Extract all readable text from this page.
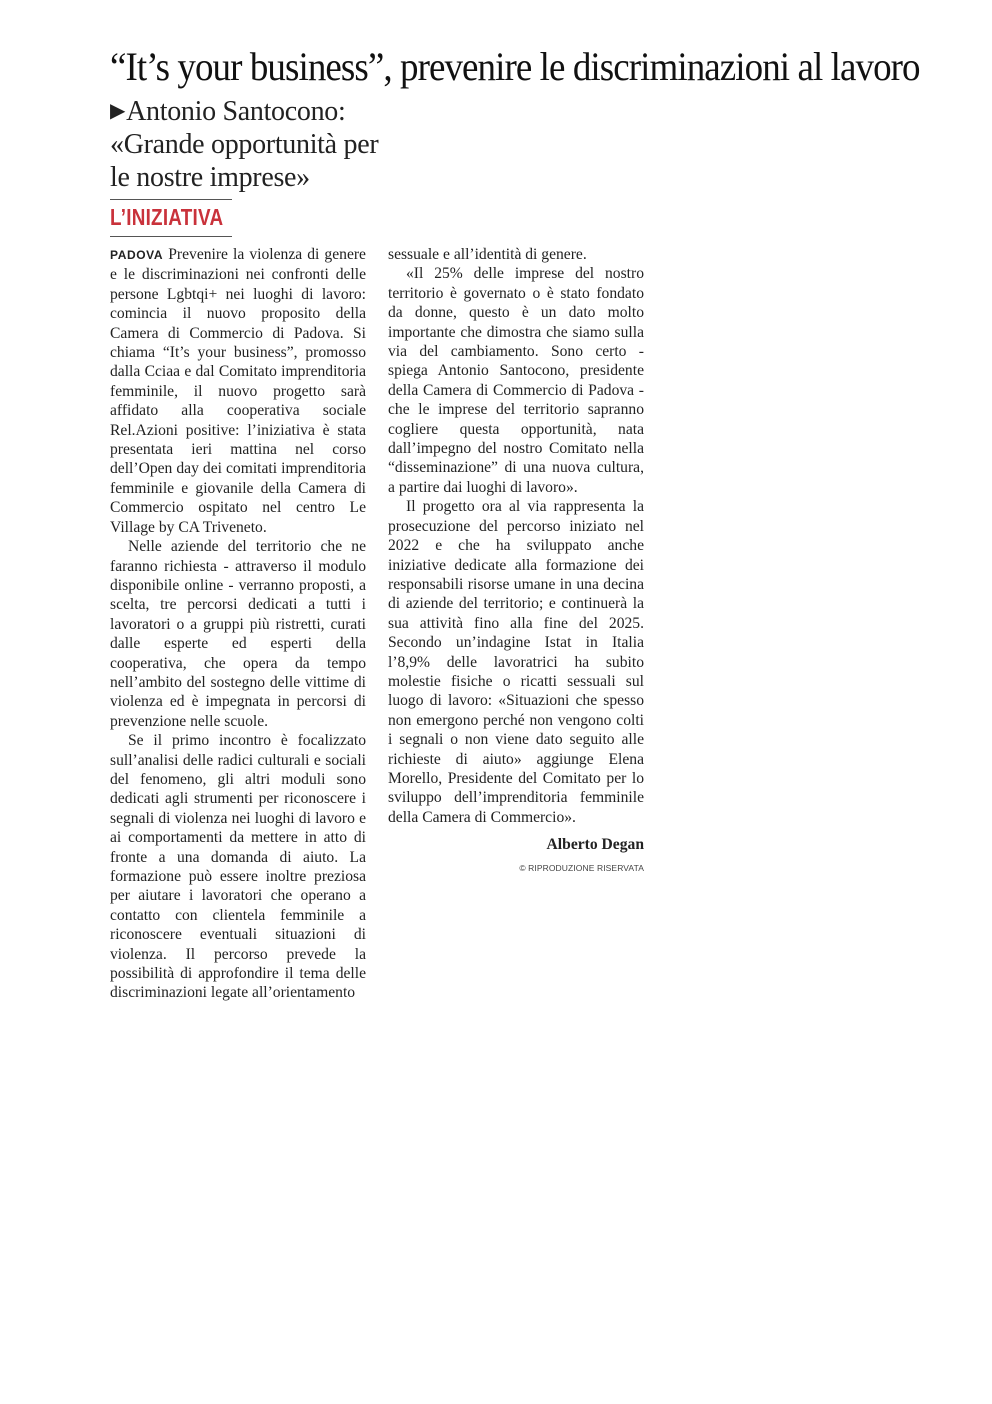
“It’s your business”, prevenire le discriminazioni al lavoro
▶Antonio Santocono: «Grande opportunità per le nostre imprese»
L’INIZIATIVA

PADOVA Prevenire la violenza di genere e le discriminazioni nei confronti delle persone Lgbtqi+ nei luoghi di lavoro: comincia il nuovo proposito della Camera di Commercio di Padova. Si chiama “It’s your business”, promosso dalla Cciaa e dal Comitato imprenditoria femminile, il nuovo progetto sarà affidato alla cooperativa sociale Rel.Azioni positive: l’iniziativa è stata presentata ieri mattina nel corso dell’Open day dei comitati imprenditoria femminile e giovanile della Camera di Commercio ospitato nel centro Le Village by CA Triveneto.

Nelle aziende del territorio che ne faranno richiesta - attraverso il modulo disponibile online - verranno proposti, a scelta, tre percorsi dedicati a tutti i lavoratori o a gruppi più ristretti, curati dalle esperte ed esperti della cooperativa, che opera da tempo nell’ambito del sostegno delle vittime di violenza ed è impegnata in percorsi di prevenzione nelle scuole.

Se il primo incontro è focalizzato sull’analisi delle radici culturali e sociali del fenomeno, gli altri moduli sono dedicati agli strumenti per riconoscere i segnali di violenza nei luoghi di lavoro e ai comportamenti da mettere in atto di fronte a una domanda di aiuto. La formazione può essere inoltre preziosa per aiutare i lavoratori che operano a contatto con clientela femminile a riconoscere eventuali situazioni di violenza. Il percorso prevede la possibilità di approfondire il tema delle discriminazioni legate all’orientamento

sessuale e all’identità di genere.

«Il 25% delle imprese del nostro territorio è governato o è stato fondato da donne, questo è un dato molto importante che dimostra che siamo sulla via del cambiamento. Sono certo - spiega Antonio Santocono, presidente della Camera di Commercio di Padova - che le imprese del territorio sapranno cogliere questa opportunità, nata dall’impegno del nostro Comitato nella “disseminazione” di una nuova cultura, a partire dai luoghi di lavoro».

Il progetto ora al via rappresenta la prosecuzione del percorso iniziato nel 2022 e che ha sviluppato anche iniziative dedicate alla formazione dei responsabili risorse umane in una decina di aziende del territorio; e continuerà la sua attività fino alla fine del 2025. Secondo un’indagine Istat in Italia l’8,9% delle lavoratrici ha subito molestie fisiche o ricatti sessuali sul luogo di lavoro: «Situazioni che spesso non emergono perché non vengono colti i segnali o non viene dato seguito alle richieste di aiuto» aggiunge Elena Morello, Presidente del Comitato per lo sviluppo dell’imprenditoria femminile della Camera di Commercio».

Alberto Degan
© RIPRODUZIONE RISERVATA
